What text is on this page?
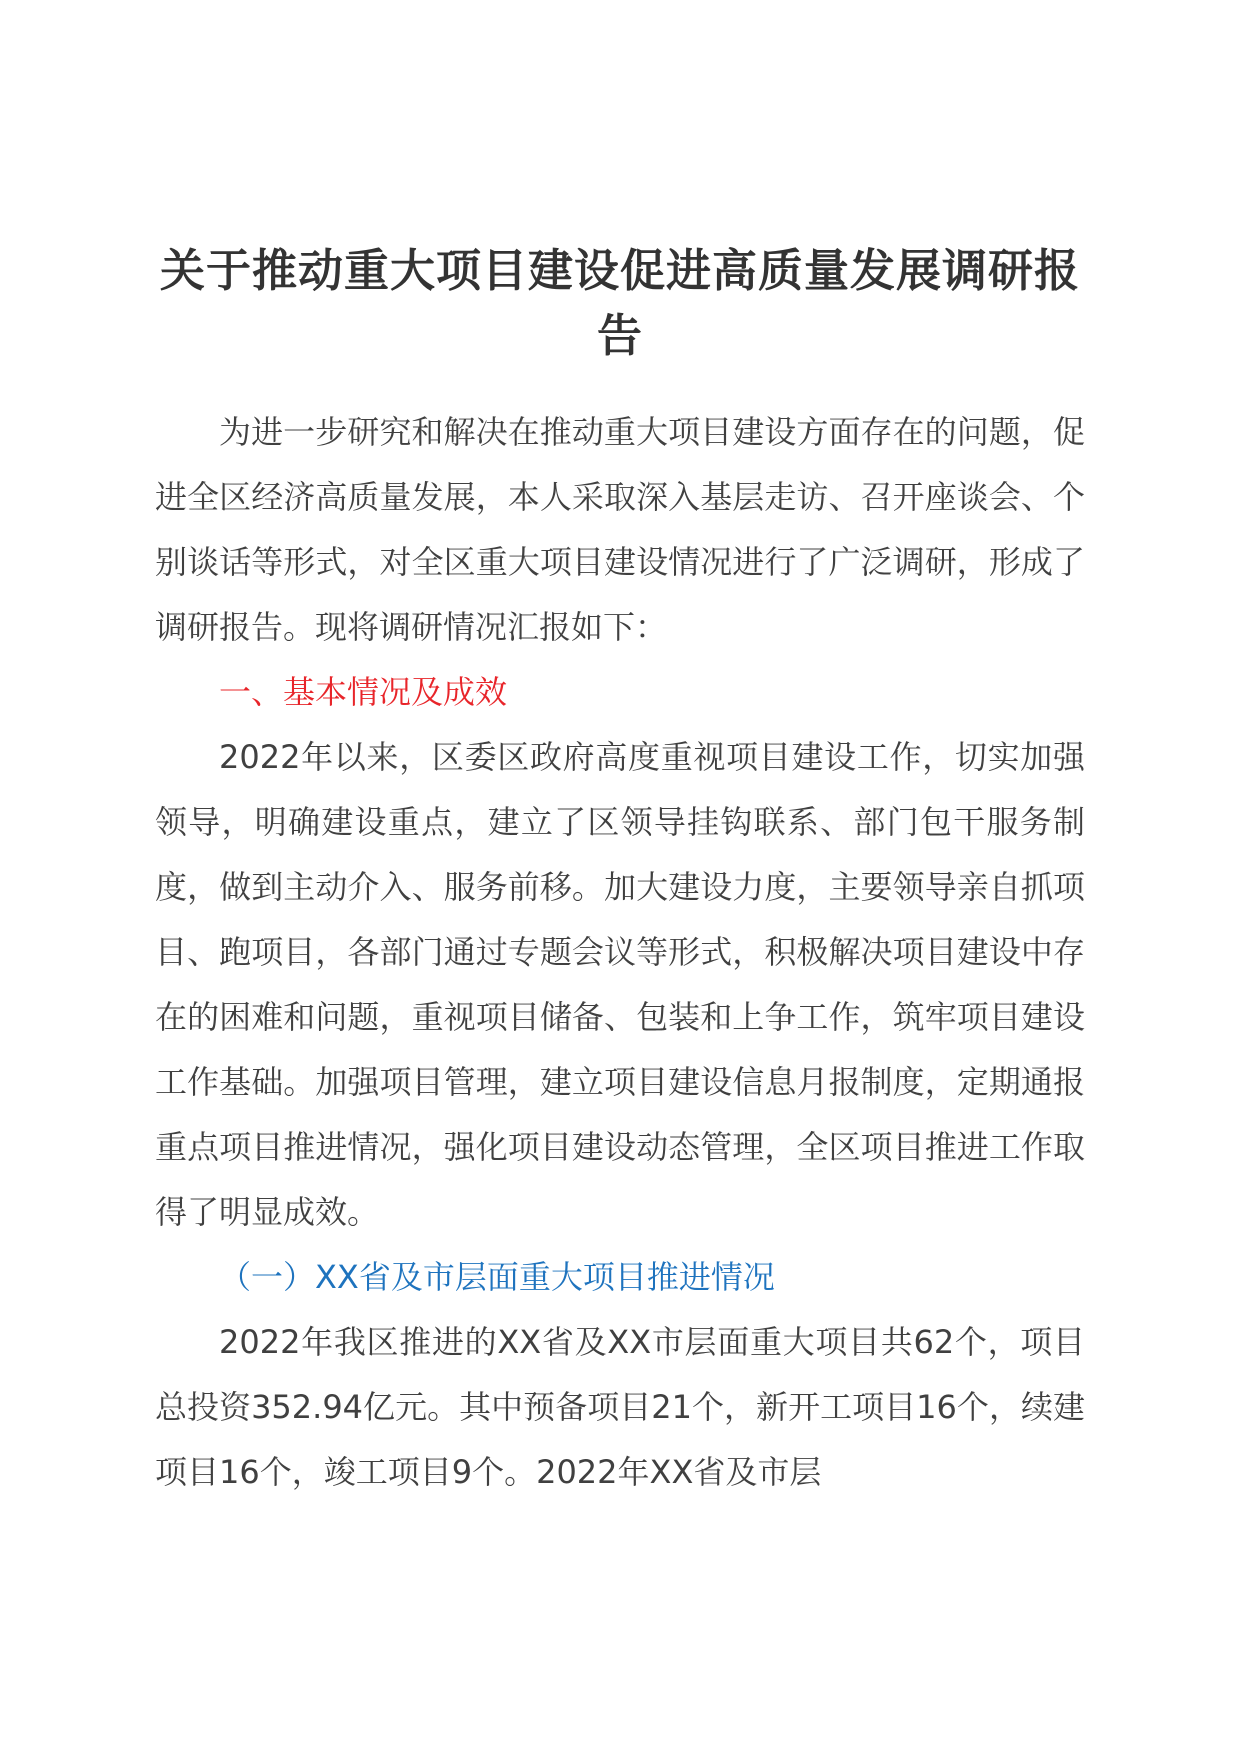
关于推动重大项目建设促进高质量发展调研报告

为进一步研究和解决在推动重大项目建设方面存在的问题，促进全区经济高质量发展，本人采取深入基层走访、召开座谈会、个别谈话等形式，对全区重大项目建设情况进行了广泛调研，形成了调研报告。现将调研情况汇报如下：

一、基本情况及成效

2022年以来，区委区政府高度重视项目建设工作，切实加强领导，明确建设重点，建立了区领导挂钩联系、部门包干服务制度，做到主动介入、服务前移。加大建设力度，主要领导亲自抓项目、跑项目，各部门通过专题会议等形式，积极解决项目建设中存在的困难和问题，重视项目储备、包装和上争工作，筑牢项目建设工作基础。加强项目管理，建立项目建设信息月报制度，定期通报重点项目推进情况，强化项目建设动态管理，全区项目推进工作取得了明显成效。

（一）XX省及市层面重大项目推进情况

2022年我区推进的XX省及XX市层面重大项目共62个，项目总投资352.94亿元。其中预备项目21个，新开工项目16个，续建项目16个，竣工项目9个。2022年XX省及市层
